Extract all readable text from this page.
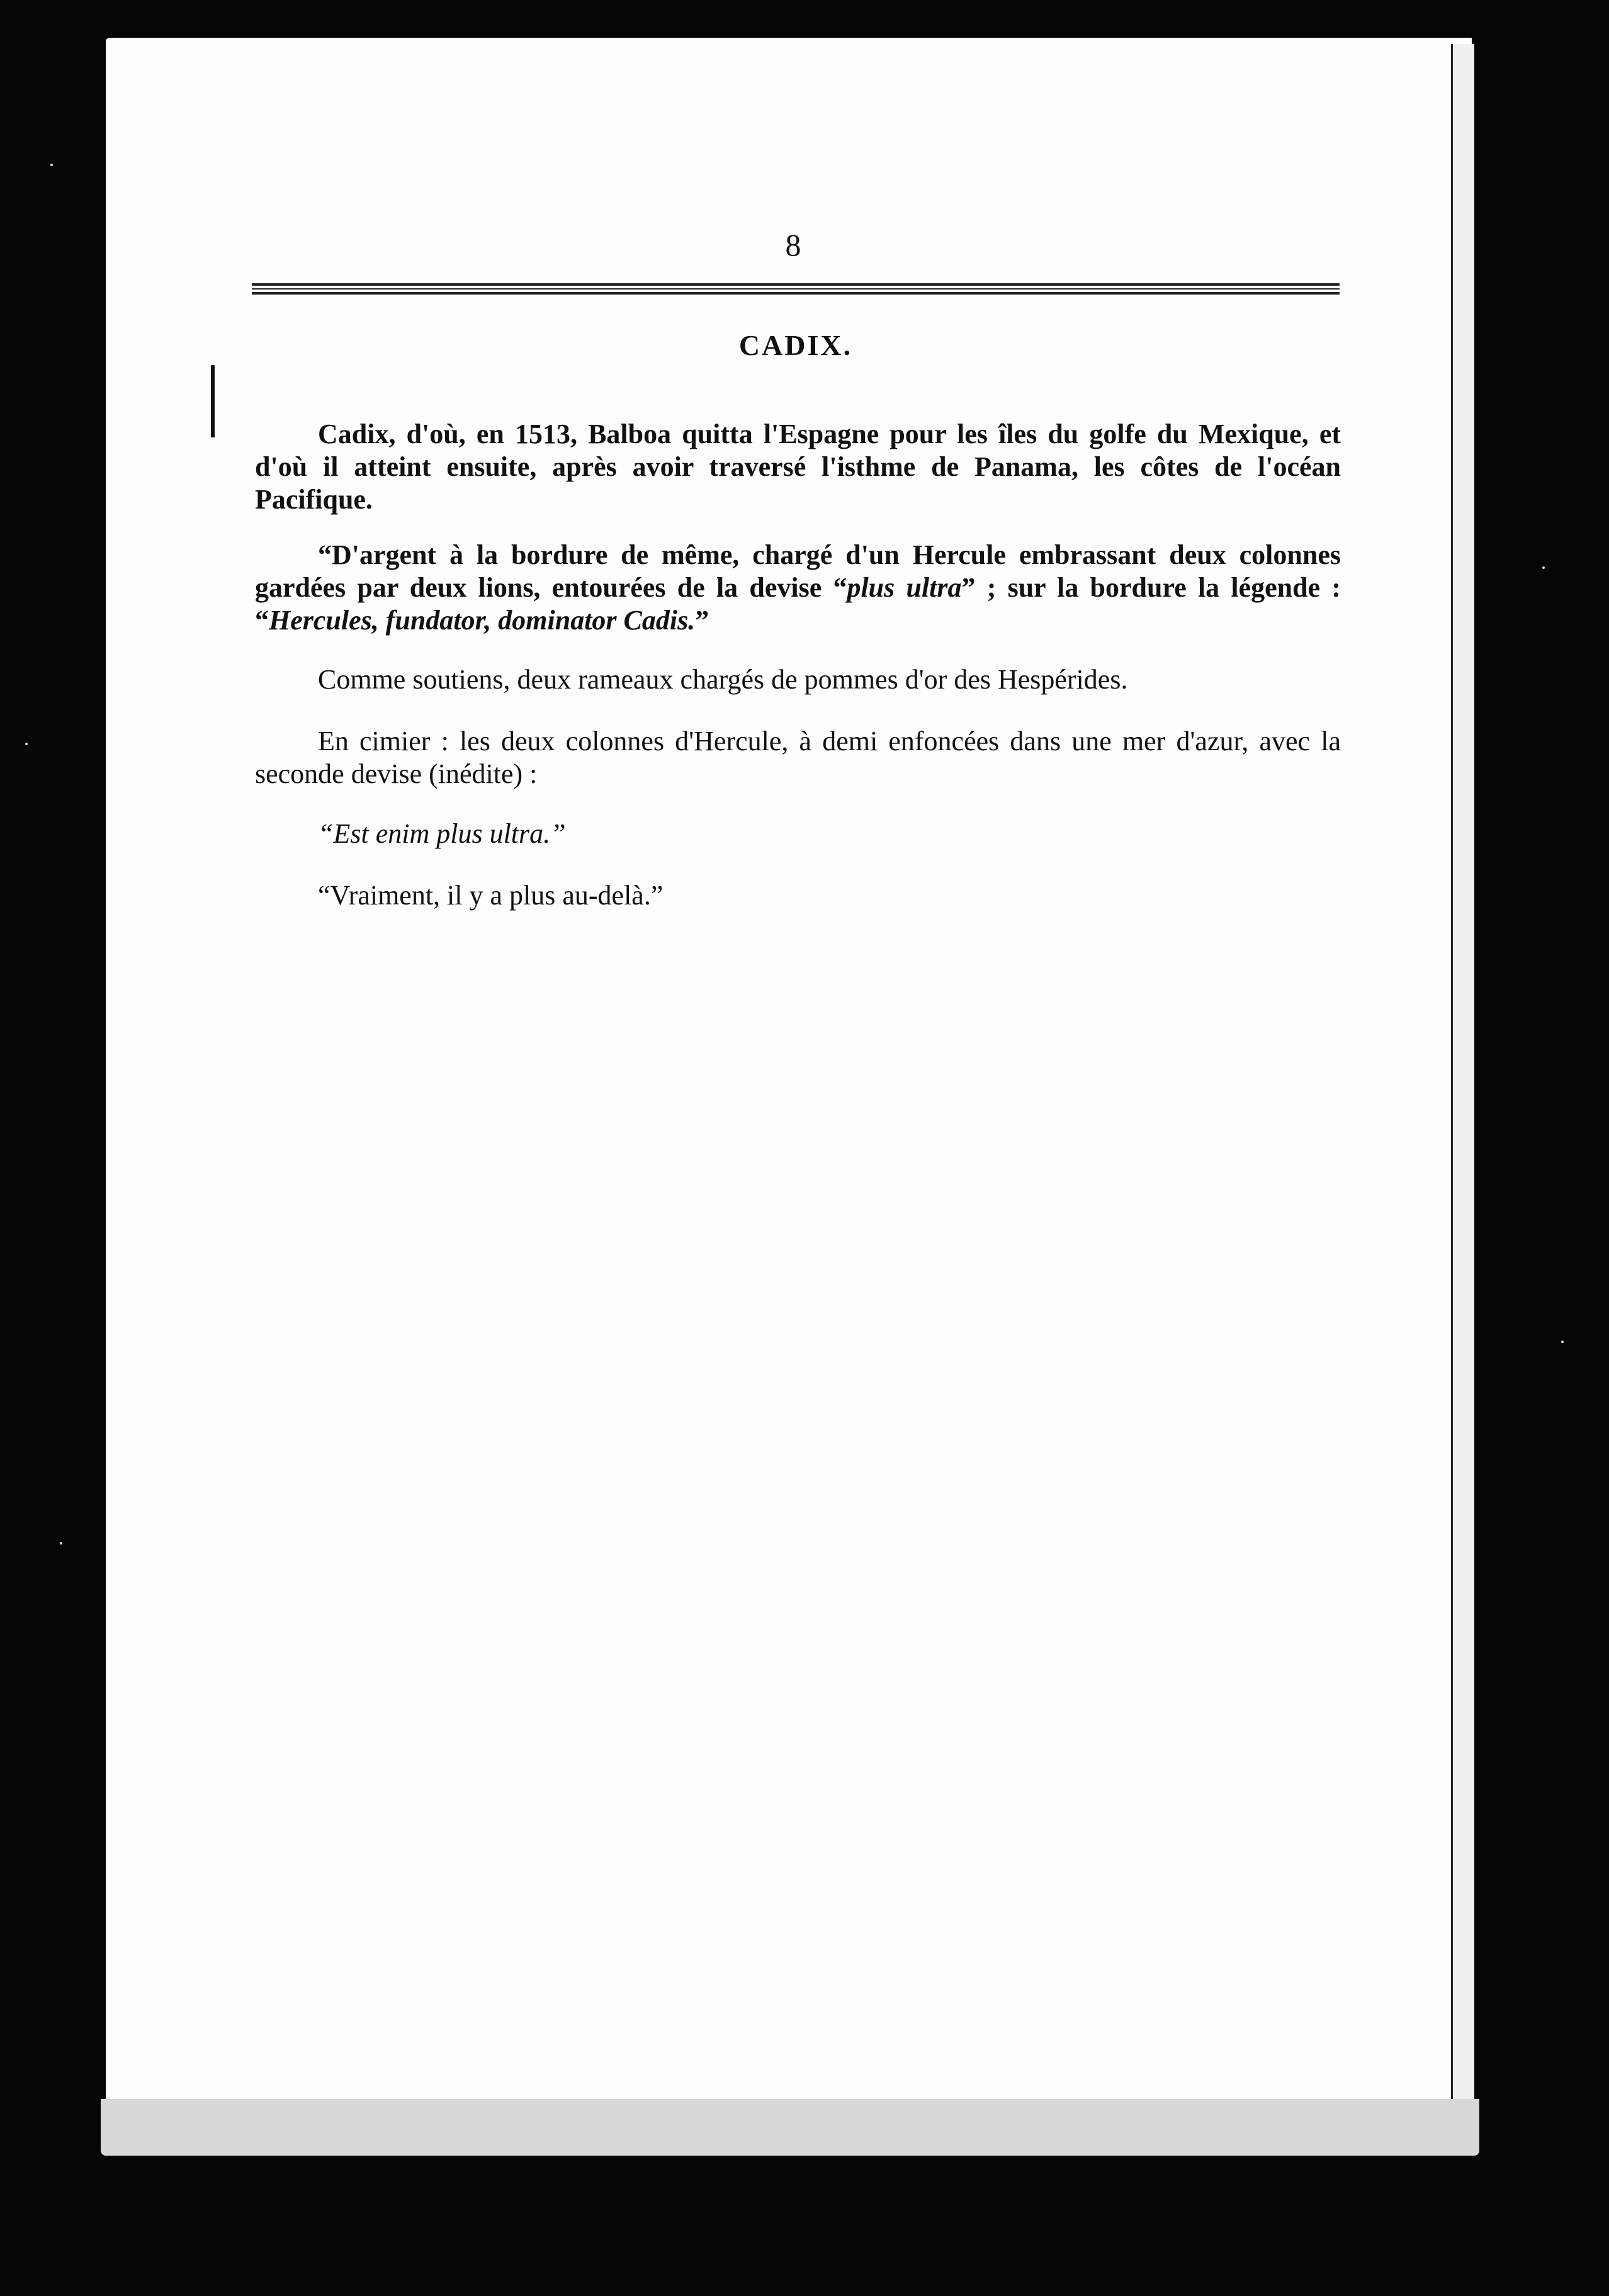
8
CADIX.

Cadix, d'où, en 1513, Balboa quitta l'Espagne pour les îles du golfe du Mexique, et d'où il atteint ensuite, après avoir traversé l'isthme de Panama, les côtes de l'océan Pacifique.

“D'argent à la bordure de même, chargé d'un Hercule embrassant deux colonnes gardées par deux lions, entourées de la devise “plus ultra” ; sur la bordure la légende : “Hercules, fundator, dominator Cadis.”

Comme soutiens, deux rameaux chargés de pommes d'or des Hespérides.

En cimier : les deux colonnes d'Hercule, à demi enfoncées dans une mer d'azur, avec la seconde devise (inédite) :

“Est enim plus ultra.”

“Vraiment, il y a plus au-delà.”
